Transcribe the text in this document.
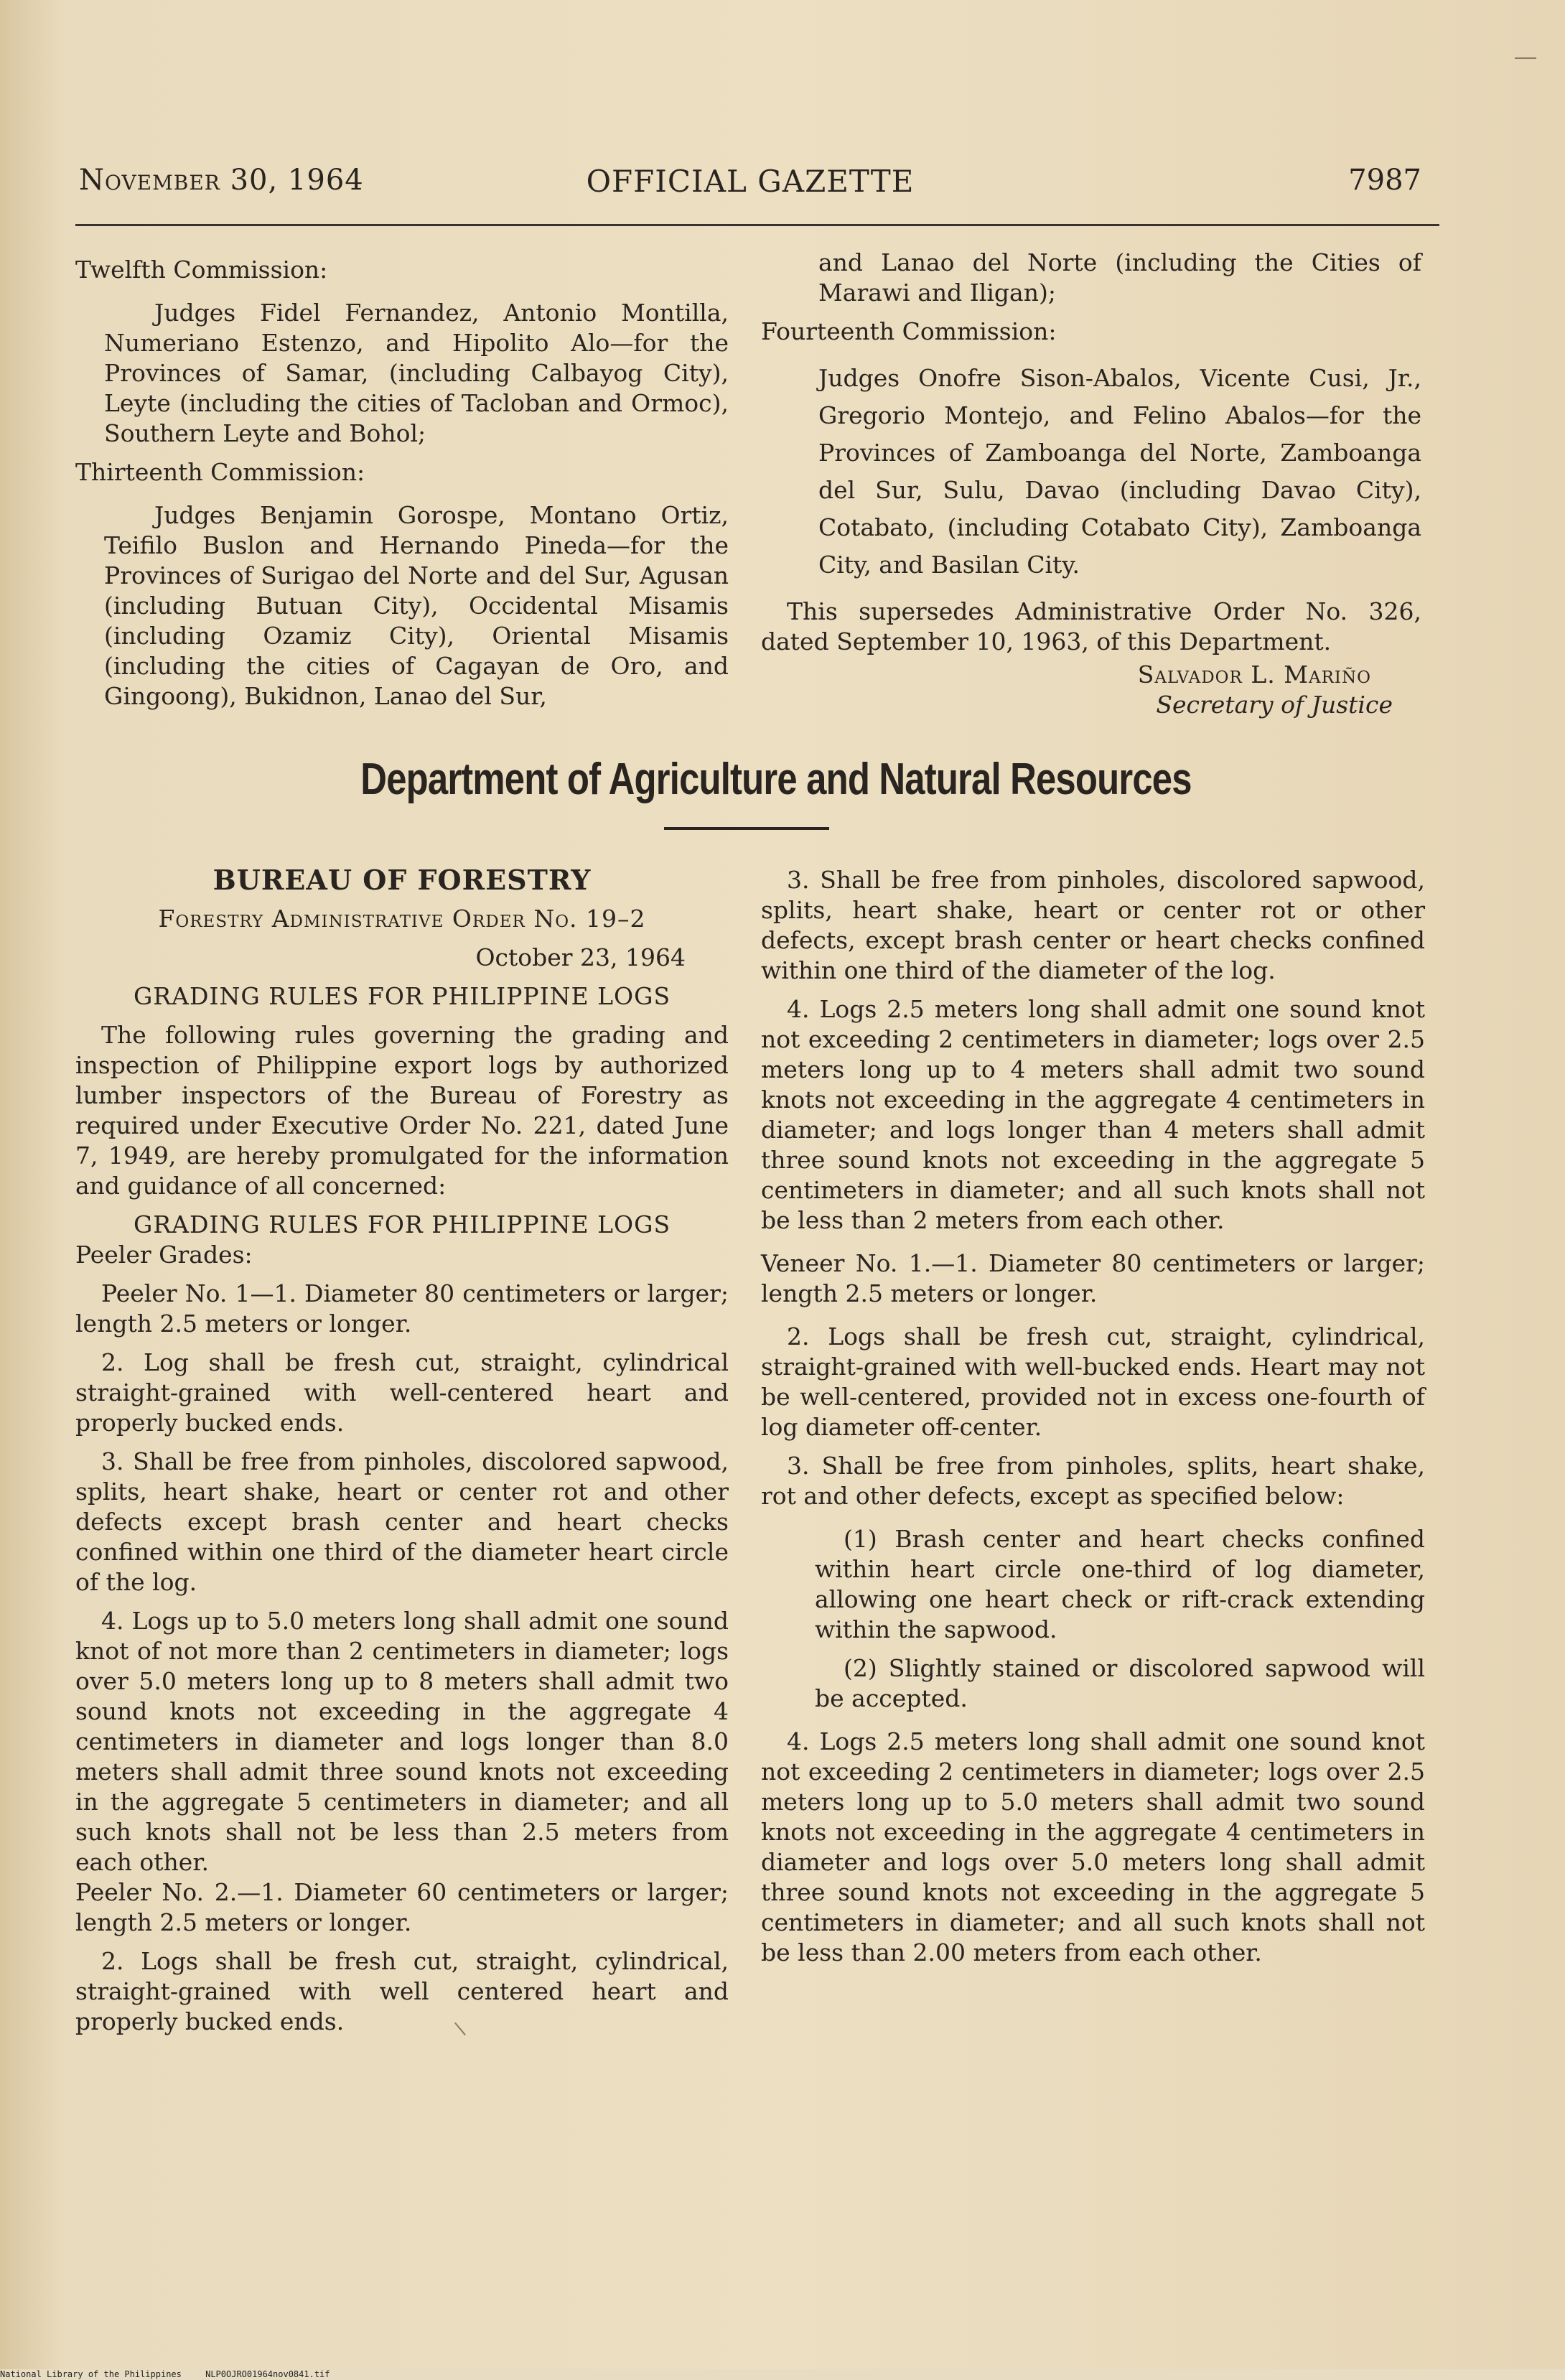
November 30, 1964	OFFICIAL GAZETTE	7987

Twelfth Commission:

Judges Fidel Fernandez, Antonio Montilla, Numeriano Estenzo, and Hipolito Alo—for the Provinces of Samar, (including Calbayog City), Leyte (including the cities of Tacloban and Ormoc), Southern Leyte and Bohol;

Thirteenth Commission:

Judges Benjamin Gorospe, Montano Ortiz, Teifilo Buslon and Hernando Pineda—for the Provinces of Surigao del Norte and del Sur, Agusan (including Butuan City), Occidental Misamis (including Ozamiz City), Oriental Misamis (including the cities of Cagayan de Oro, and Gingoong), Bukidnon, Lanao del Sur,

and Lanao del Norte (including the Cities of Marawi and Iligan);

Fourteenth Commission:

Judges Onofre Sison-Abalos, Vicente Cusi, Jr., Gregorio Montejo, and Felino Abalos—for the Provinces of Zamboanga del Norte, Zamboanga del Sur, Sulu, Davao (including Davao City), Cotabato, (including Cotabato City), Zamboanga City, and Basilan City.

This supersedes Administrative Order No. 326, dated September 10, 1963, of this Department.

Salvador L. Mariño

Secretary of Justice

Department of Agriculture and Natural Resources

BUREAU OF FORESTRY

Forestry Administrative Order No. 19–2

October 23, 1964

GRADING RULES FOR PHILIPPINE LOGS

The following rules governing the grading and inspection of Philippine export logs by authorized lumber inspectors of the Bureau of Forestry as required under Executive Order No. 221, dated June 7, 1949, are hereby promulgated for the information and guidance of all concerned:

GRADING RULES FOR PHILIPPINE LOGS

Peeler Grades:

Peeler No. 1—1. Diameter 80 centimeters or larger; length 2.5 meters or longer.

2. Log shall be fresh cut, straight, cylindrical straight-grained with well-centered heart and properly bucked ends.

3. Shall be free from pinholes, discolored sapwood, splits, heart shake, heart or center rot and other defects except brash center and heart checks confined within one third of the diameter heart circle of the log.

4. Logs up to 5.0 meters long shall admit one sound knot of not more than 2 centimeters in diameter; logs over 5.0 meters long up to 8 meters shall admit two sound knots not exceeding in the aggregate 4 centimeters in diameter and logs longer than 8.0 meters shall admit three sound knots not exceeding in the aggregate 5 centimeters in diameter; and all such knots shall not be less than 2.5 meters from each other.

Peeler No. 2.—1. Diameter 60 centimeters or larger; length 2.5 meters or longer.

2. Logs shall be fresh cut, straight, cylindrical, straight-grained with well centered heart and properly bucked ends.

3. Shall be free from pinholes, discolored sapwood, splits, heart shake, heart or center rot or other defects, except brash center or heart checks confined within one third of the diameter of the log.

4. Logs 2.5 meters long shall admit one sound knot not exceeding 2 centimeters in diameter; logs over 2.5 meters long up to 4 meters shall admit two sound knots not exceeding in the aggregate 4 centimeters in diameter; and logs longer than 4 meters shall admit three sound knots not exceeding in the aggregate 5 centimeters in diameter; and all such knots shall not be less than 2 meters from each other.

Veneer No. 1.—1. Diameter 80 centimeters or larger; length 2.5 meters or longer.

2. Logs shall be fresh cut, straight, cylindrical, straight-grained with well-bucked ends. Heart may not be well-centered, provided not in excess one-fourth of log diameter off-center.

3. Shall be free from pinholes, splits, heart shake, rot and other defects, except as specified below:

(1) Brash center and heart checks confined within heart circle one-third of log diameter, allowing one heart check or rift-crack extending within the sapwood.

(2) Slightly stained or discolored sapwood will be accepted.

4. Logs 2.5 meters long shall admit one sound knot not exceeding 2 centimeters in diameter; logs over 2.5 meters long up to 5.0 meters shall admit two sound knots not exceeding in the aggregate 4 centimeters in diameter and logs over 5.0 meters long shall admit three sound knots not exceeding in the aggregate 5 centimeters in diameter; and all such knots shall not be less than 2.00 meters from each other.

National Library of the Philippines	NLP0OJRO01964nov0841.tif
